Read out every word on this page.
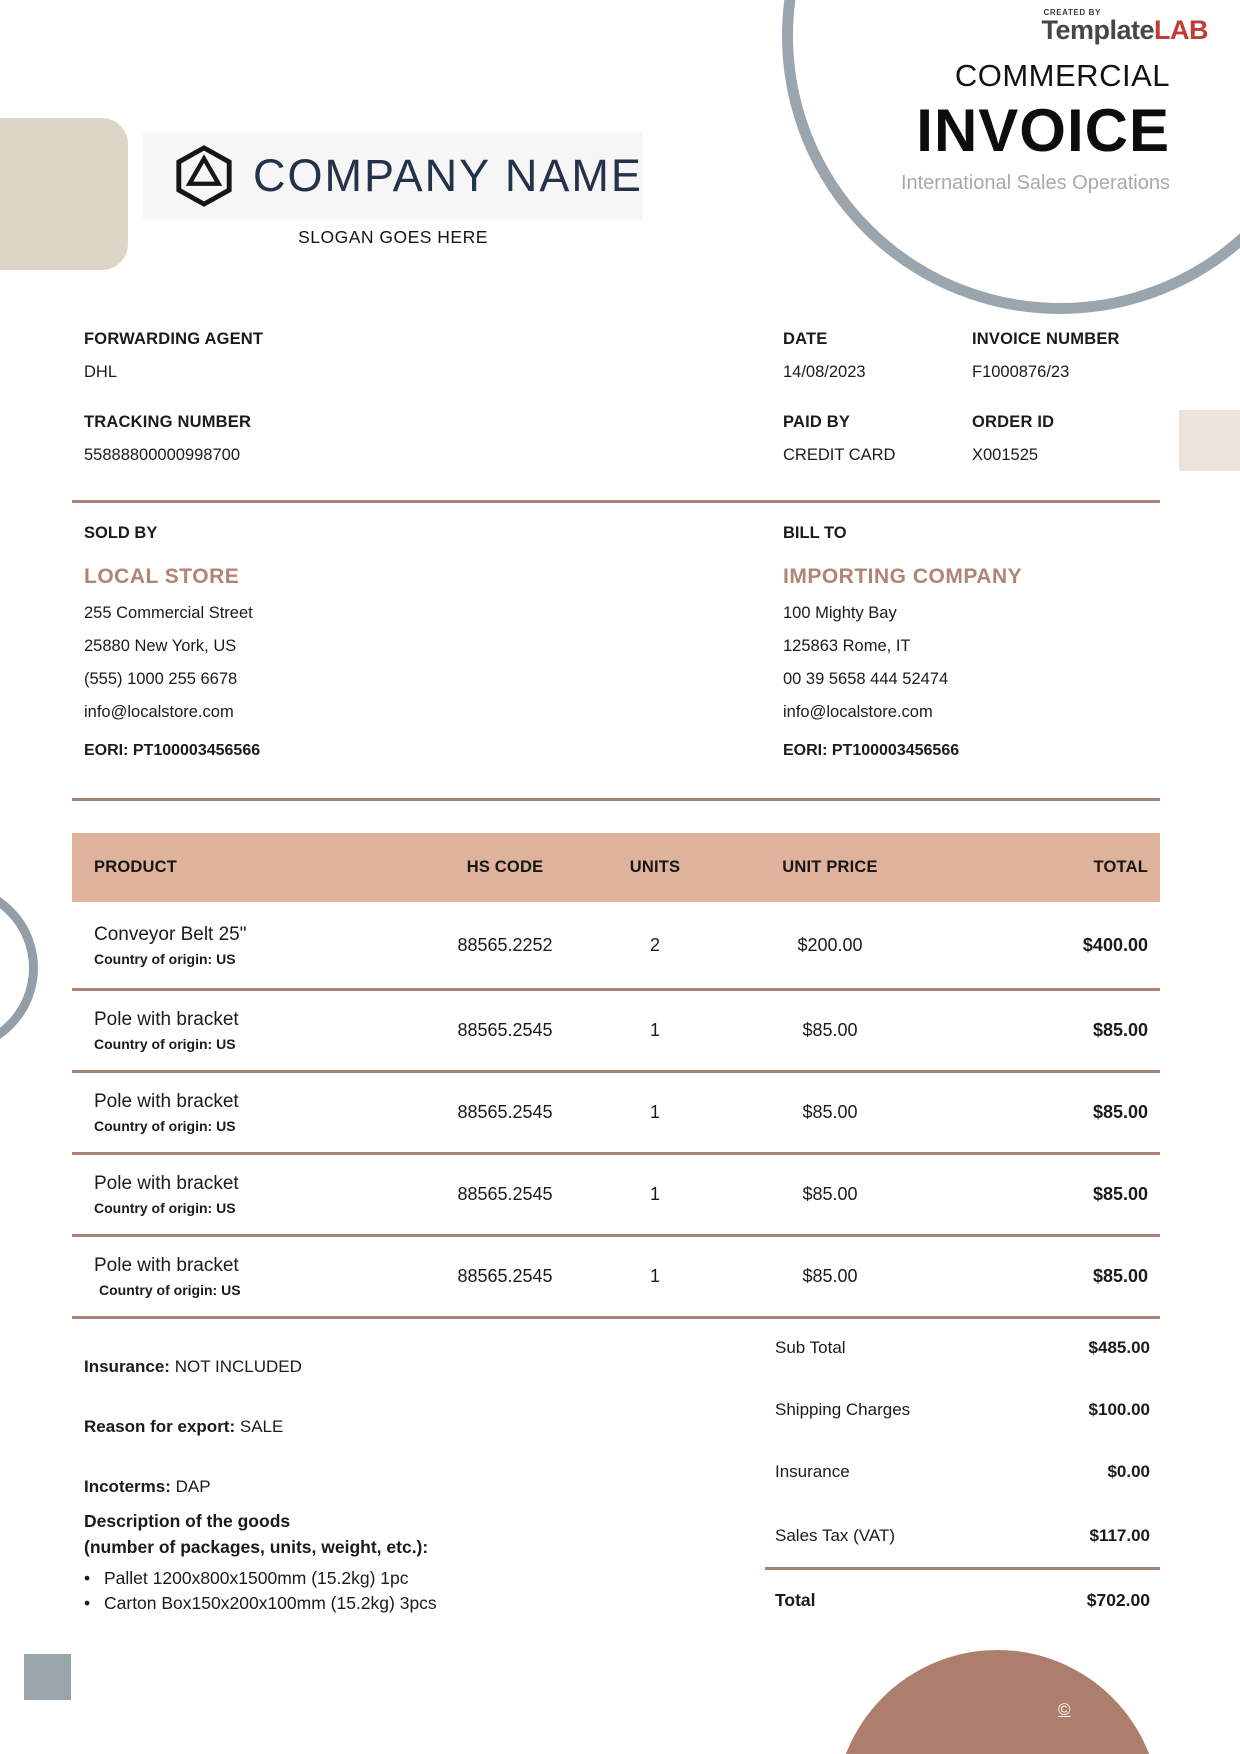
©
CREATED BY
TemplateLAB
COMMERCIAL
INVOICE
International Sales Operations
COMPANY NAME
SLOGAN GOES HERE
FORWARDING AGENT
DHL
DATE
14/08/2023
INVOICE NUMBER
F1000876/23
TRACKING NUMBER
55888800000998700
PAID BY
CREDIT CARD
ORDER ID
X001525
SOLD BY
LOCAL STORE

255 Commercial Street

25880 New York, US

(555) 1000 255 6678

info@localstore.com

EORI: PT100003456566
BILL TO
IMPORTING COMPANY

100 Mighty Bay

125863 Rome, IT

00 39 5658 444 52474

info@localstore.com

EORI: PT100003456566
PRODUCT	HS CODE	UNITS	UNIT PRICE	TOTAL
Conveyor Belt 25"
Country of origin: US
88565.2252	2	$200.00	$400.00
Pole with bracket
Country of origin: US
88565.2545	1	$85.00	$85.00
Pole with bracket
Country of origin: US
88565.2545	1	$85.00	$85.00
Pole with bracket
Country of origin: US
88565.2545	1	$85.00	$85.00
Pole with bracket
Country of origin: US
88565.2545	1	$85.00	$85.00

Insurance: NOT INCLUDED

Reason for export: SALE

Incoterms: DAP

Description of the goods
(number of packages, units, weight, etc.):
• Pallet 1200x800x1500mm (15.2kg) 1pc
• Carton Box150x200x100mm (15.2kg) 3pcs
Sub Total	$485.00
Shipping Charges	$100.00
Insurance	$0.00
Sales Tax (VAT)	$117.00
Total	$702.00
